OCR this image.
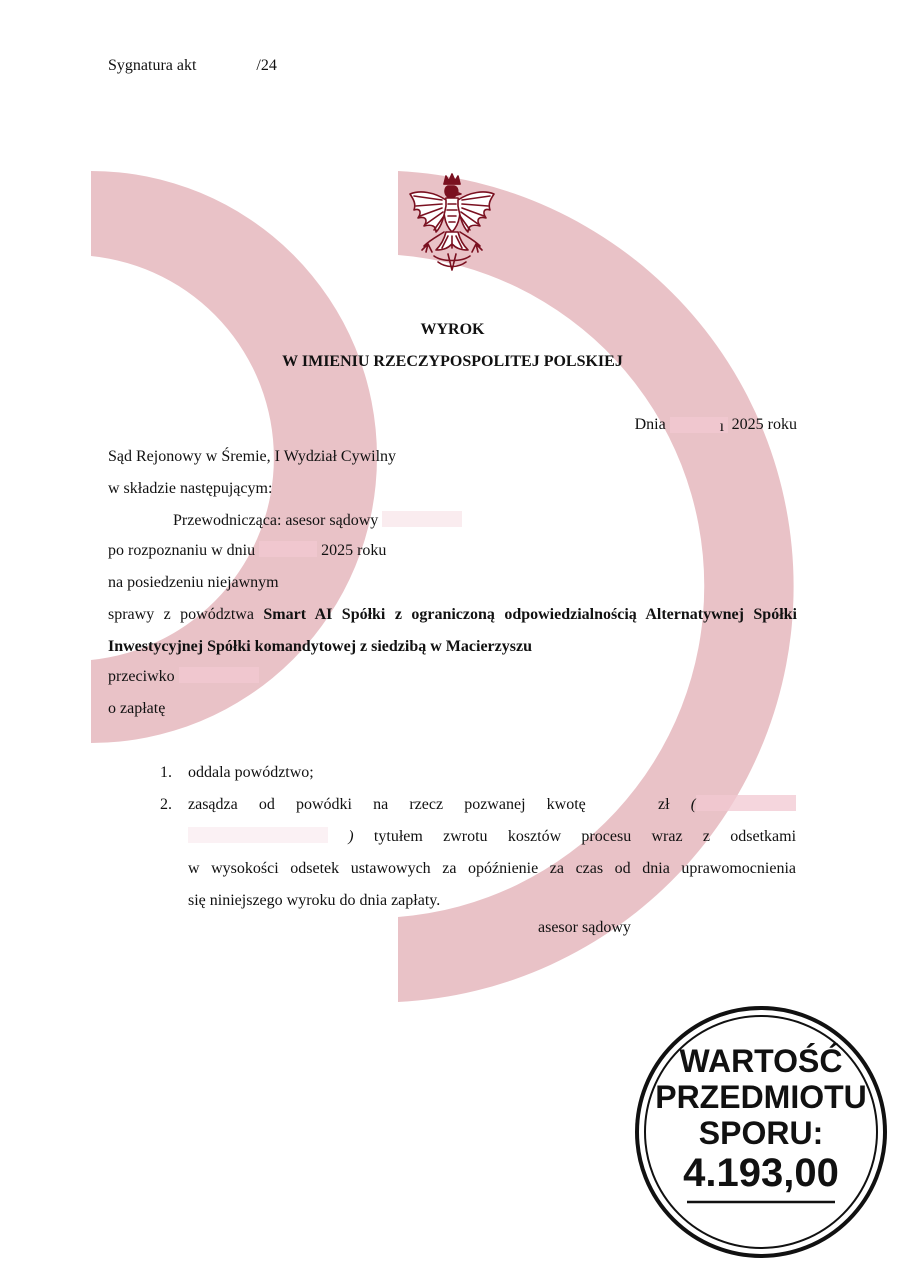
Sygnatura akt	/24
WYROK
W IMIENIU RZECZYPOSPOLITEJ POLSKIEJ
Dnia	ı 2025 roku
Sąd Rejonowy w Śremie, I Wydział Cywilny
w składzie następującym:
Przewodnicząca: asesor sądowy
po rozpoznaniu w dniu	2025 roku
na posiedzeniu niejawnym
sprawy z powództwa Smart AI Spółki z ograniczoną odpowiedzialnością Alternatywnej Spółki Inwestycyjnej Spółki komandytowej z siedzibą w Macierzyszu
przeciwko
o zapłatę
1. oddala powództwo;
2. zasądza od powódki na rzecz pozwanej kwotę	zł (
) tytułem zwrotu kosztów procesu wraz z odsetkami
w wysokości odsetek ustawowych za opóźnienie za czas od dnia uprawomocnienia
się niniejszego wyroku do dnia zapłaty.
asesor sądowy
WARTOŚĆ
PRZEDMIOTU
SPORU:
4.193,00
